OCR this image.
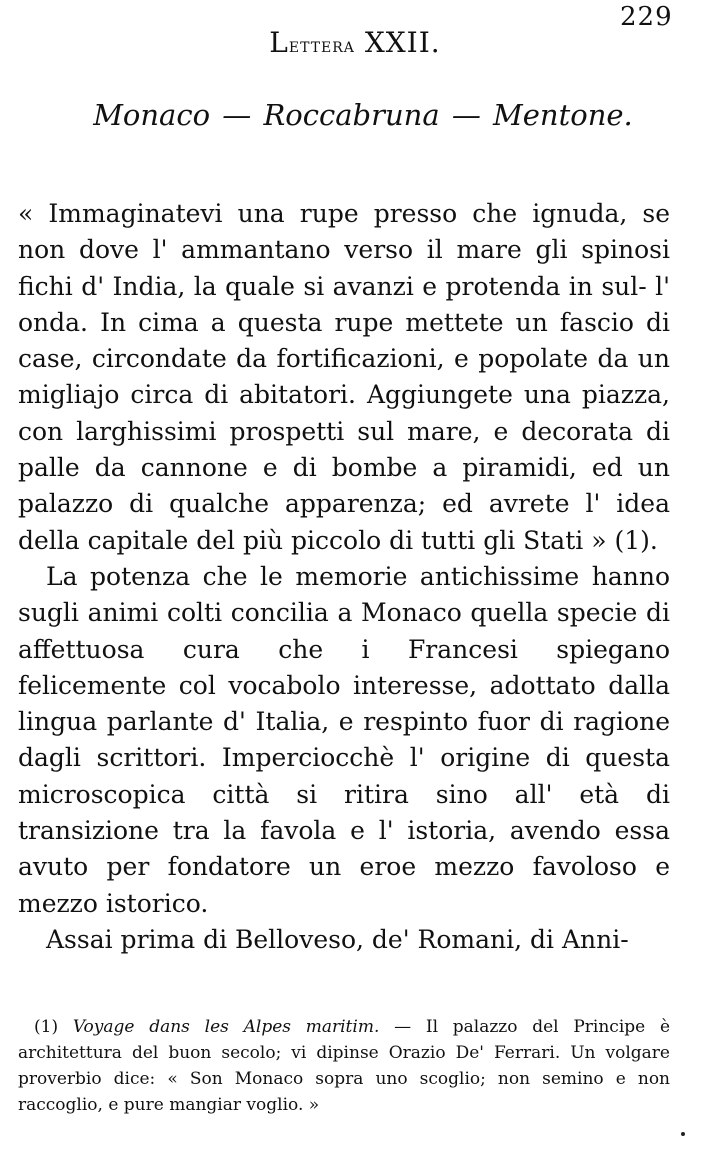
229
Lettera XXII.
Monaco — Roccabruna — Mentone.

« Immaginatevi una rupe presso che ignuda, se non dove l' ammantano verso il mare gli spinosi fichi d' India, la quale si avanzi e protenda in sul- l' onda. In cima a questa rupe mettete un fascio di case, circondate da fortificazioni, e popolate da un migliajo circa di abitatori. Aggiungete una piazza, con larghissimi prospetti sul mare, e decorata di palle da cannone e di bombe a piramidi, ed un palazzo di qualche apparenza; ed avrete l' idea della capitale del più piccolo di tutti gli Stati » (1).

La potenza che le memorie antichissime hanno sugli animi colti concilia a Monaco quella specie di affettuosa cura che i Francesi spiegano felicemente col vocabolo interesse, adottato dalla lingua parlante d' Italia, e respinto fuor di ragione dagli scrittori. Imperciocchè l' origine di questa microscopica città si ritira sino all' età di transizione tra la favola e l' istoria, avendo essa avuto per fondatore un eroe mezzo favoloso e mezzo istorico.

Assai prima di Belloveso, de' Romani, di Anni-

(1) Voyage dans les Alpes maritim. — Il palazzo del Principe è architettura del buon secolo; vi dipinse Orazio De' Ferrari. Un volgare proverbio dice: « Son Monaco sopra uno scoglio; non semino e non raccoglio, e pure mangiar voglio. »
